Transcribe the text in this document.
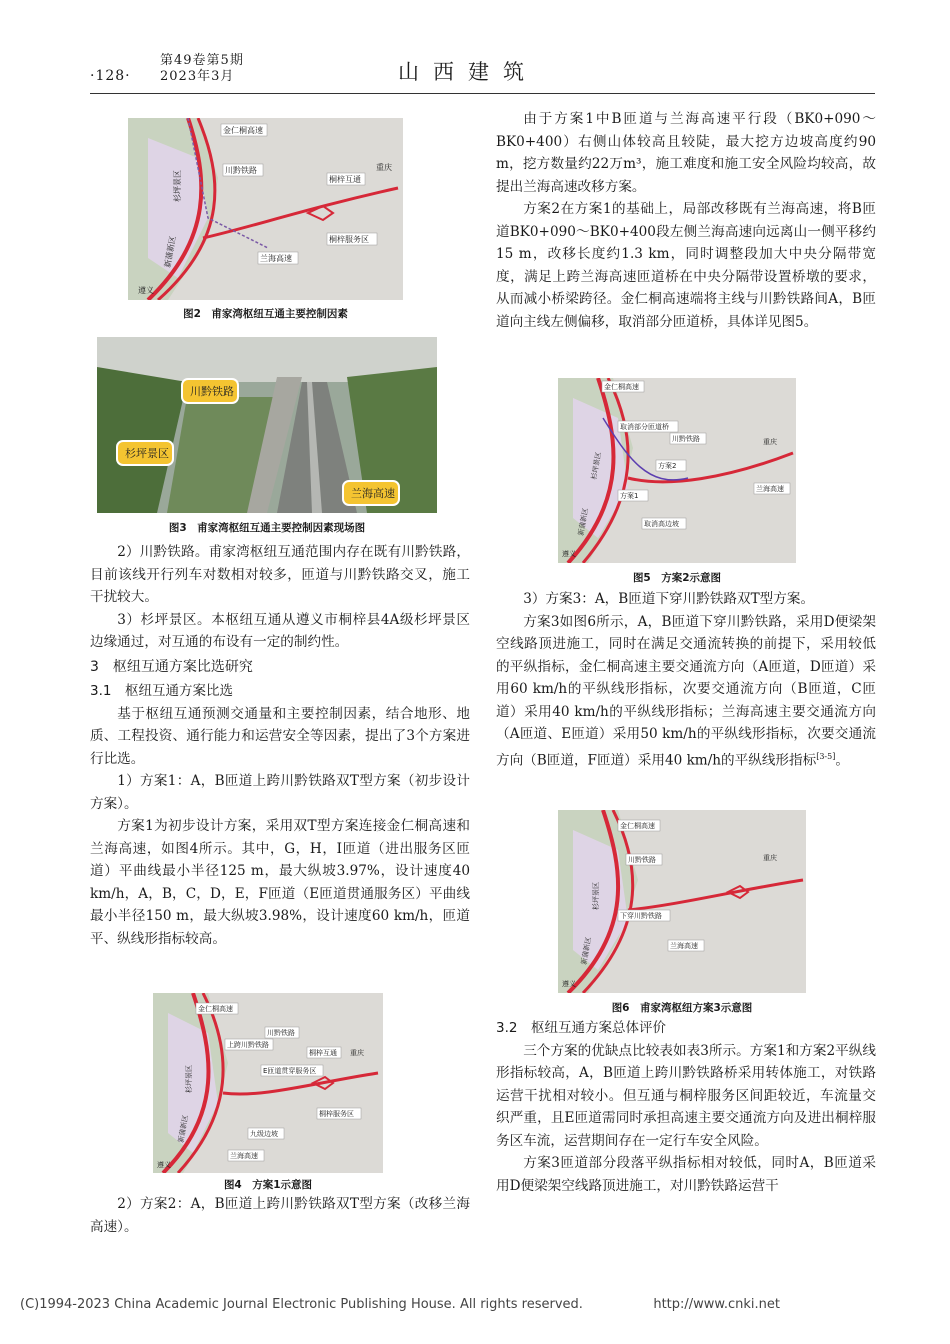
·128·
第49卷第5期
2023年3月	山西建筑
金仁桐高速
川黔铁路
桐梓互通
重庆
桐梓服务区
兰海高速
遵义
杉坪景区
新蒲新区
图2　甫家湾枢纽互通主要控制因素
川黔铁路
杉坪景区
兰海高速
图3　甫家湾枢纽互通主要控制因素现场图

2）川黔铁路。甫家湾枢纽互通范围内存在既有川黔铁路，目前该线开行列车对数相对较多，匝道与川黔铁路交叉，施工干扰较大。

3）杉坪景区。本枢纽互通从遵义市桐梓县4A级杉坪景区边缘通过，对互通的布设有一定的制约性。

3　枢纽互通方案比选研究

3.1　枢纽互通方案比选

基于枢纽互通预测交通量和主要控制因素，结合地形、地质、工程投资、通行能力和运营安全等因素，提出了3个方案进行比选。

1）方案1：A，B匝道上跨川黔铁路双T型方案（初步设计方案）。

方案1为初步设计方案，采用双T型方案连接金仁桐高速和兰海高速，如图4所示。其中，G，H，I匝道（进出服务区匝道）平曲线最小半径125 m，最大纵坡3.97%，设计速度40 km/h，A，B，C，D，E，F匝道（E匝道贯通服务区）平曲线最小半径150 m，最大纵坡3.98%，设计速度60 km/h，匝道平、纵线形指标较高。

金仁桐高速
川黔铁路
上跨川黔铁路
桐梓互通 重庆
E匝道贯穿服务区
桐梓服务区
九级边坡
兰海高速
遵义
杉坪景区
新蒲新区
图4　方案1示意图

2）方案2：A，B匝道上跨川黔铁路双T型方案（改移兰海高速）。

由于方案1中B匝道与兰海高速平行段（BK0+090～BK0+400）右侧山体较高且较陡，最大挖方边坡高度约90 m，挖方数量约22万m³，施工难度和施工安全风险均较高，故提出兰海高速改移方案。

方案2在方案1的基础上，局部改移既有兰海高速，将B匝道BK0+090～BK0+400段左侧兰海高速向远离山一侧平移约15 m，改移长度约1.3 km，同时调整段加大中央分隔带宽度，满足上跨兰海高速匝道桥在中央分隔带设置桥墩的要求，从而减小桥梁跨径。金仁桐高速端将主线与川黔铁路间A，B匝道向主线左侧偏移，取消部分匝道桥，具体详见图5。

金仁桐高速
取消部分匝道桥
川黔铁路	重庆
方案2
方案1
兰海高速
取消高边坡
遵义
杉坪景区
新蒲新区
图5　方案2示意图

3）方案3：A，B匝道下穿川黔铁路双T型方案。

方案3如图6所示，A，B匝道下穿川黔铁路，采用D便梁架空线路顶进施工，同时在满足交通流转换的前提下，采用较低的平纵指标，金仁桐高速主要交通流方向（A匝道，D匝道）采用60 km/h的平纵线形指标，次要交通流方向（B匝道，C匝道）采用40 km/h的平纵线形指标；兰海高速主要交通流方向（A匝道、E匝道）采用50 km/h的平纵线形指标，次要交通流方向（B匝道，F匝道）采用40 km/h的平纵线形指标[3-5]。

金仁桐高速
川黔铁路	重庆
下穿川黔铁路
兰海高速
遵义
杉坪景区
新蒲新区
图6　甫家湾枢纽方案3示意图

3.2　枢纽互通方案总体评价

三个方案的优缺点比较表如表3所示。方案1和方案2平纵线形指标较高，A，B匝道上跨川黔铁路桥采用转体施工，对铁路运营干扰相对较小。但互通与桐梓服务区间距较近，车流量交织严重，且E匝道需同时承担高速主要交通流方向及进出桐梓服务区车流，运营期间存在一定行车安全风险。

方案3匝道部分段落平纵指标相对较低，同时A，B匝道采用D便梁架空线路顶进施工，对川黔铁路运营干

(C)1994-2023 China Academic Journal Electronic Publishing House. All rights reserved.	http://www.cnki.net
